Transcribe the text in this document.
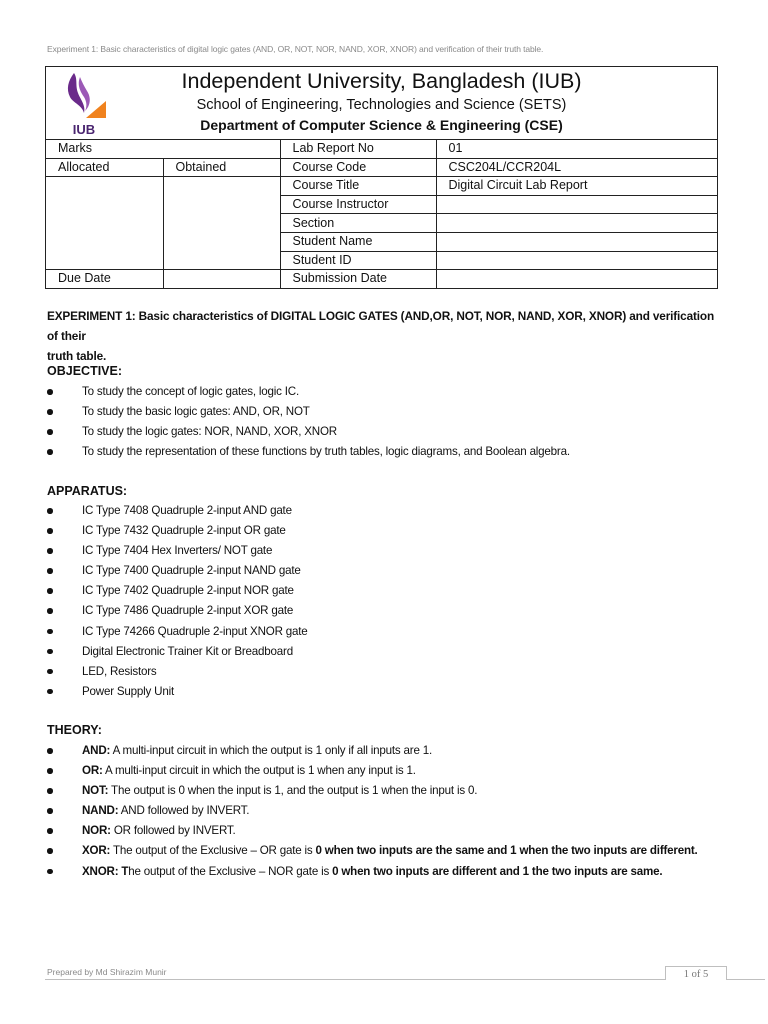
Experiment 1: Basic characteristics of digital logic gates (AND, OR, NOT, NOR, NAND, XOR, XNOR) and verification of their truth table.
IUB
Independent University, Bangladesh (IUB)
School of Engineering, Technologies and Science (SETS)
Department of Computer Science & Engineering (CSE)
Marks		Lab Report No	01
Allocated	Obtained	Course Code	CSC204L/CCR204L
		Course Title	Digital Circuit Lab Report
		Course Instructor	
		Section	
		Student Name	
		Student ID	
Due Date		Submission Date	
EXPERIMENT 1: Basic characteristics of DIGITAL LOGIC GATES (AND,OR, NOT, NOR, NAND, XOR, XNOR) and verification of their
truth table.
OBJECTIVE:
To study the concept of logic gates, logic IC.
To study the basic logic gates: AND, OR, NOT
To study the logic gates: NOR, NAND, XOR, XNOR
To study the representation of these functions by truth tables, logic diagrams, and Boolean algebra.
APPARATUS:
IC Type 7408 Quadruple 2-input AND gate
IC Type 7432 Quadruple 2-input OR gate
IC Type 7404 Hex Inverters/ NOT gate
IC Type 7400 Quadruple 2-input NAND gate
IC Type 7402 Quadruple 2-input NOR gate
IC Type 7486 Quadruple 2-input XOR gate
IC Type 74266 Quadruple 2-input XNOR gate
Digital Electronic Trainer Kit or Breadboard
LED, Resistors
Power Supply Unit
THEORY:
AND: A multi-input circuit in which the output is 1 only if all inputs are 1.
OR: A multi-input circuit in which the output is 1 when any input is 1.
NOT: The output is 0 when the input is 1, and the output is 1 when the input is 0.
NAND: AND followed by INVERT.
NOR: OR followed by INVERT.
XOR: The output of the Exclusive – OR gate is 0 when two inputs are the same and 1 when the two inputs are different.
XNOR: The output of the Exclusive – NOR gate is 0 when two inputs are different and 1 the two inputs are same.
Prepared by Md Shirazim Munir	1 of 5
